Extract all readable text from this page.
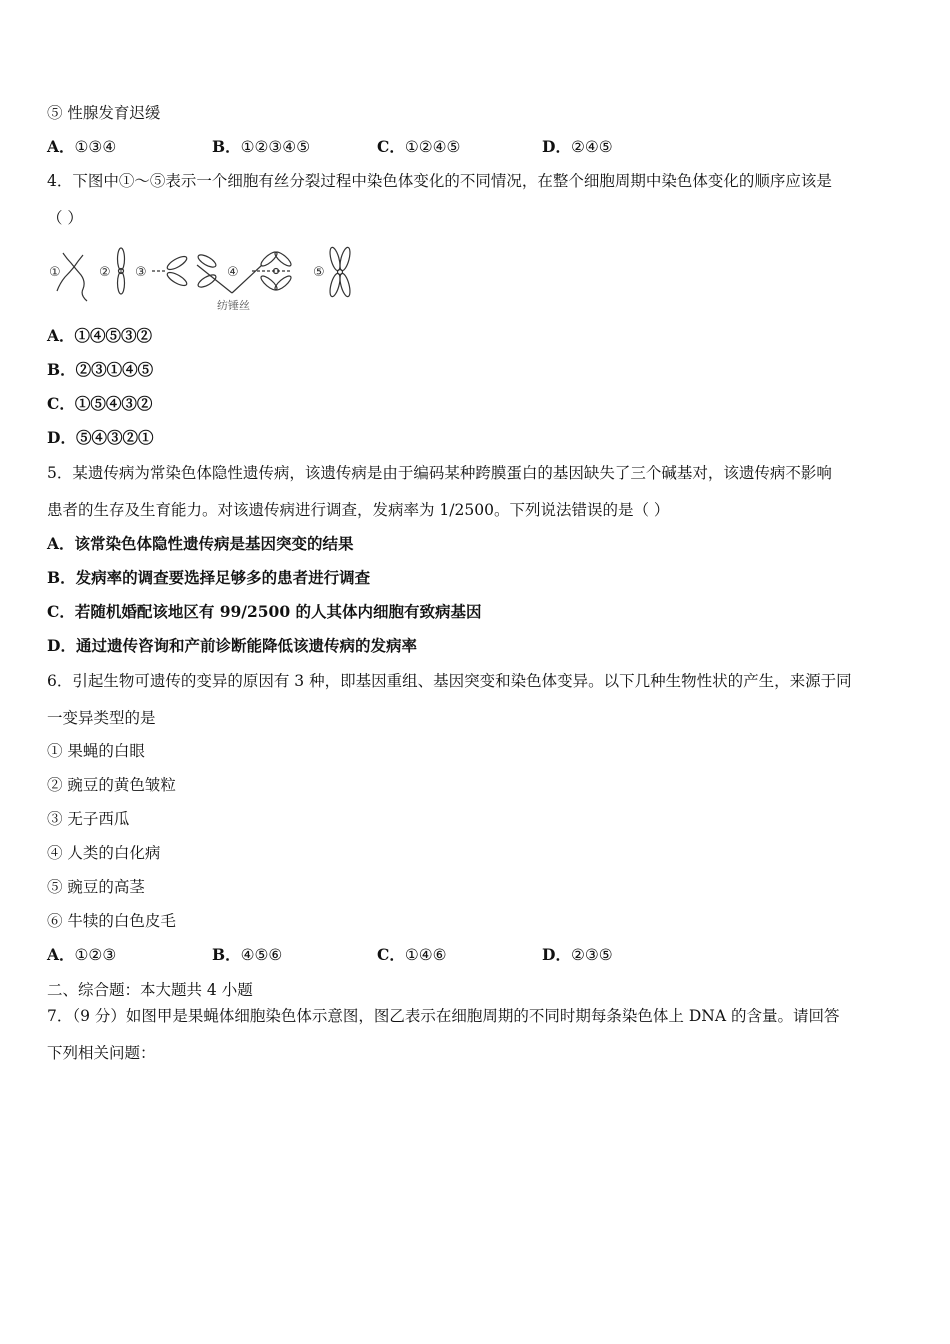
⑤ 性腺发育迟缓
A．①③④	B．①②③④⑤	C．①②④⑤	D．②④⑤
4．下图中①～⑤表示一个细胞有丝分裂过程中染色体变化的不同情况，在整个细胞周期中染色体变化的顺序应该是
（ ）
①	② ③	④	⑤
纺锤丝
A．①④⑤③②
B．②③①④⑤
C．①⑤④③②
D．⑤④③②①
5．某遗传病为常染色体隐性遗传病，该遗传病是由于编码某种跨膜蛋白的基因缺失了三个碱基对，该遗传病不影响
患者的生存及生育能力。对该遗传病进行调查，发病率为 1/2500。下列说法错误的是（ ）
A．该常染色体隐性遗传病是基因突变的结果
B．发病率的调查要选择足够多的患者进行调查
C．若随机婚配该地区有 99/2500 的人其体内细胞有致病基因
D．通过遗传咨询和产前诊断能降低该遗传病的发病率
6．引起生物可遗传的变异的原因有 3 种，即基因重组、基因突变和染色体变异。以下几种生物性状的产生，来源于同
一变异类型的是
① 果蝇的白眼
② 豌豆的黄色皱粒
③ 无子西瓜
④ 人类的白化病
⑤ 豌豆的高茎
⑥ 牛犊的白色皮毛
A．①②③	B．④⑤⑥	C．①④⑥	D．②③⑤
二、综合题：本大题共 4 小题
7．（9 分）如图甲是果蝇体细胞染色体示意图，图乙表示在细胞周期的不同时期每条染色体上 DNA 的含量。请回答
下列相关问题：
